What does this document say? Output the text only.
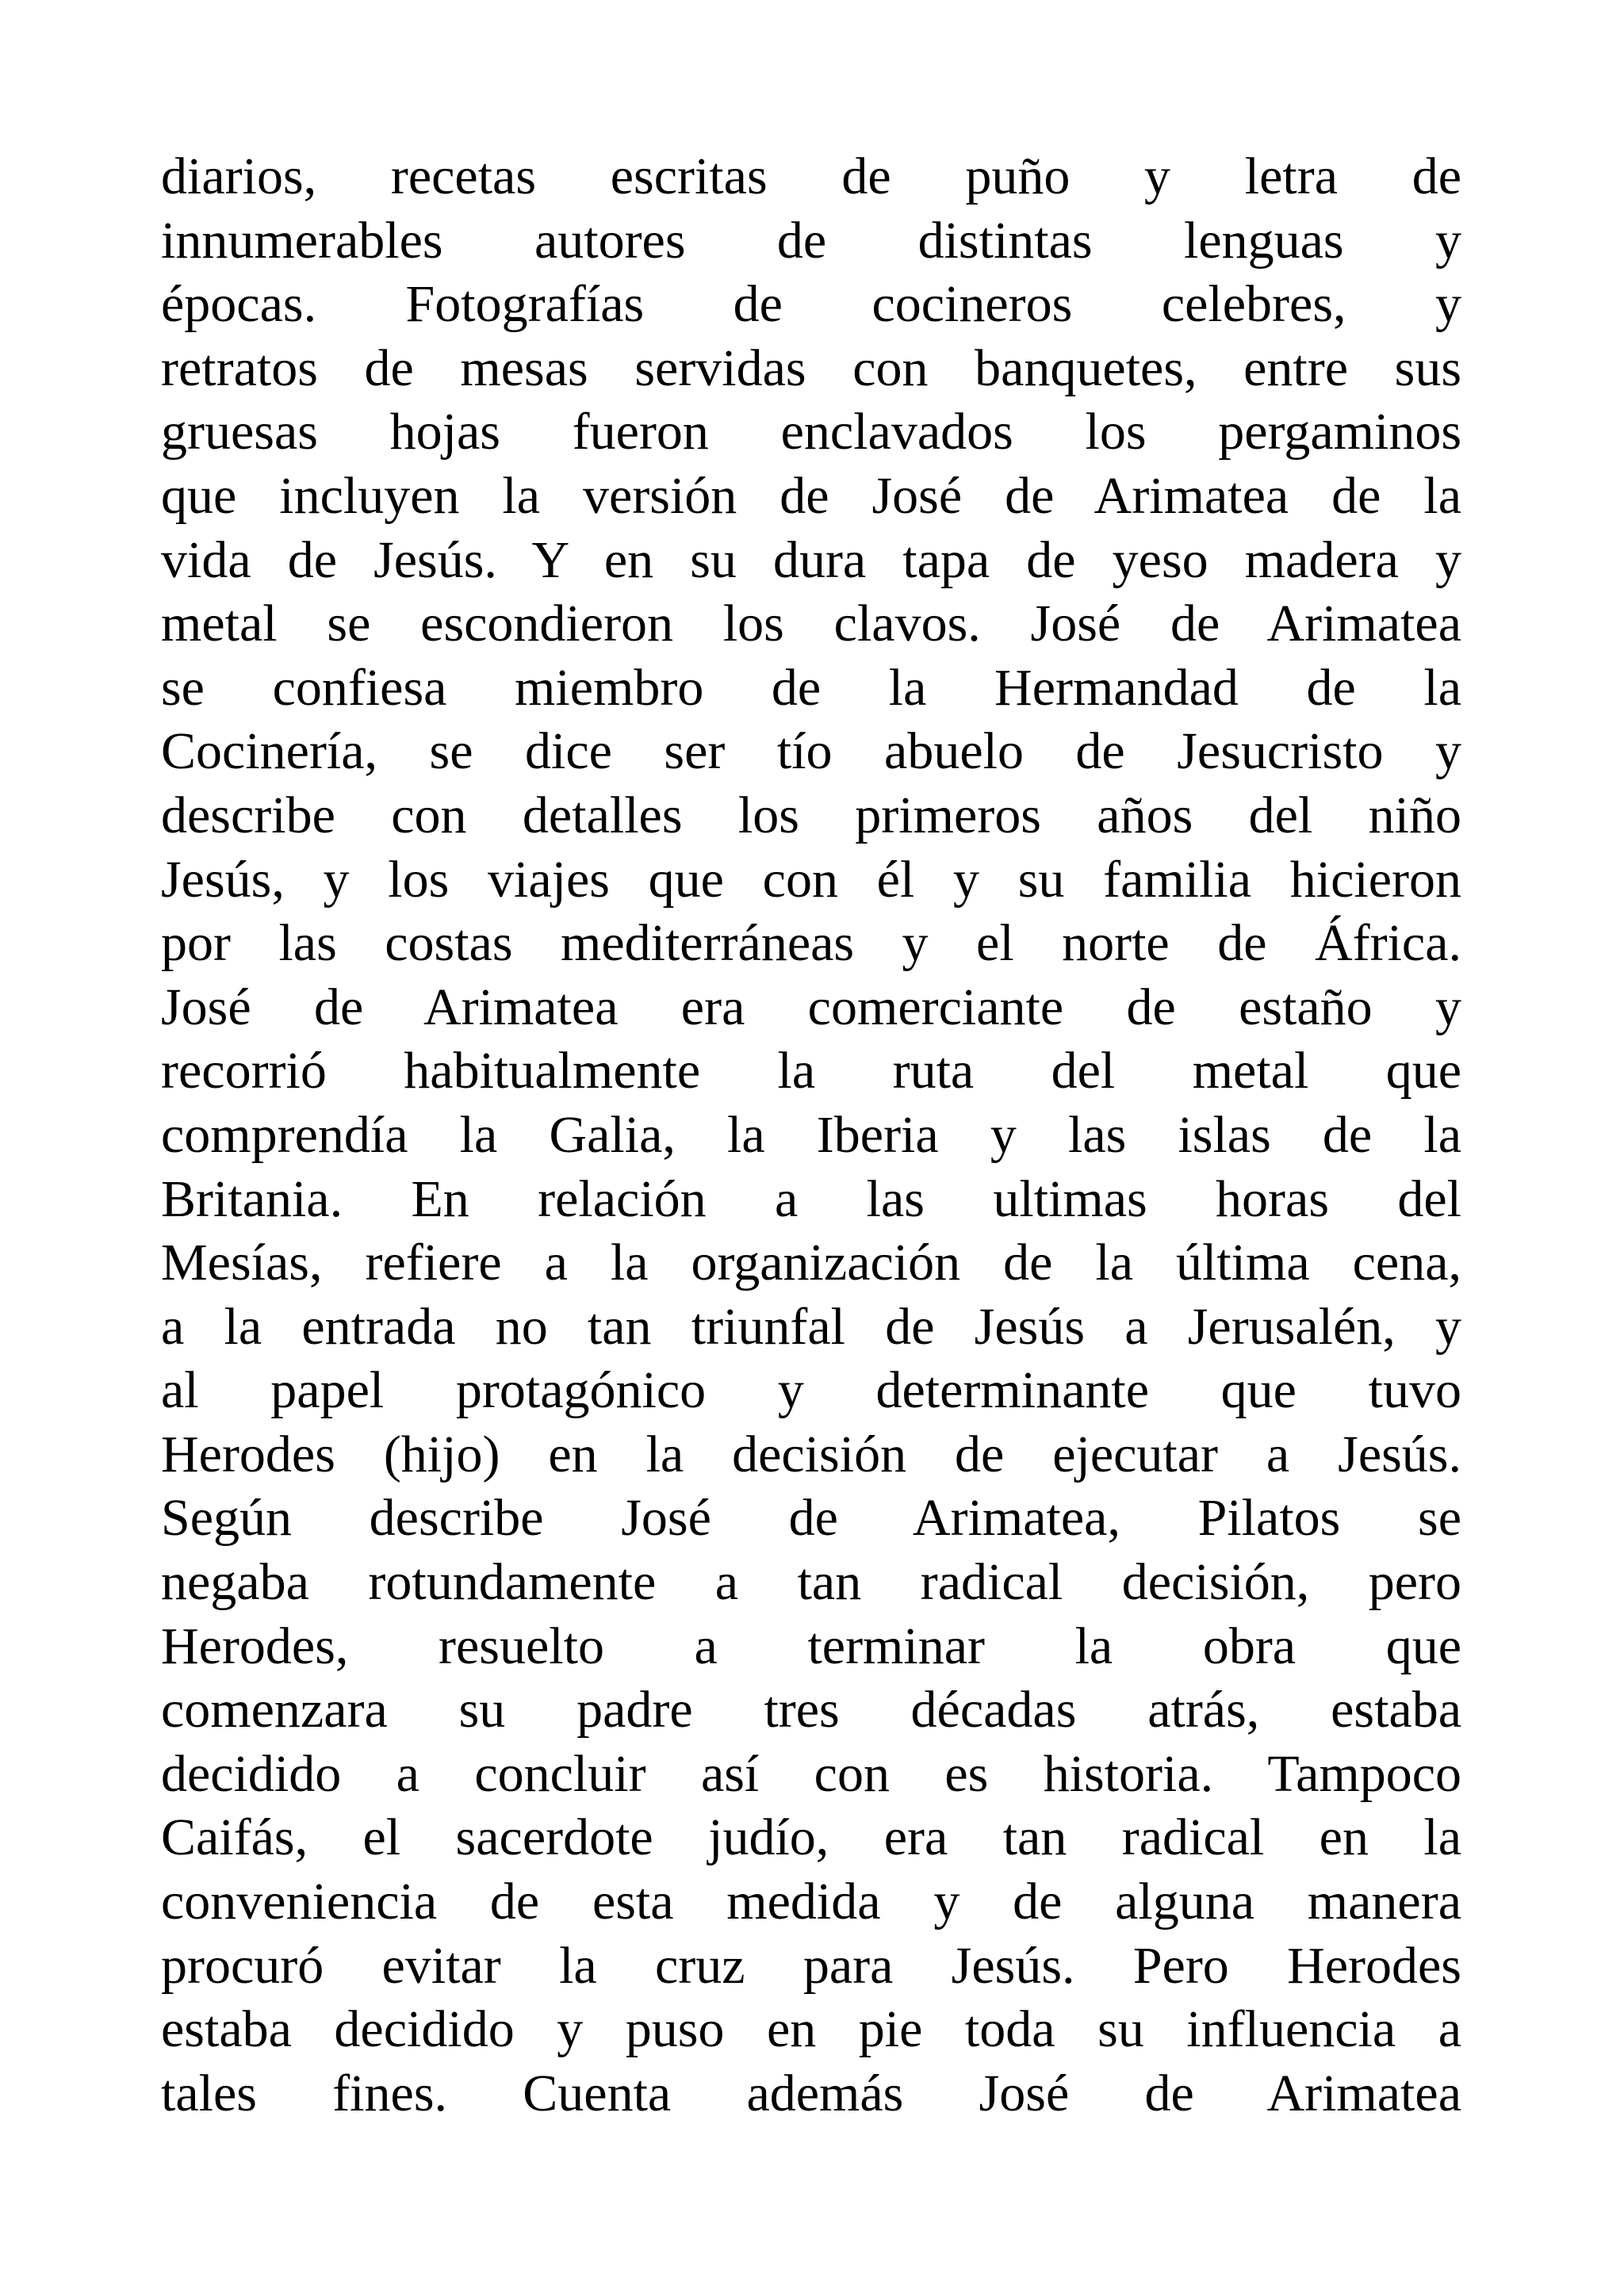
diarios, recetas escritas de puño y letra de
innumerables autores de distintas lenguas y
épocas. Fotografías de cocineros celebres, y
retratos de mesas servidas con banquetes, entre sus
gruesas hojas fueron enclavados los pergaminos
que incluyen la versión de José de Arimatea de la
vida de Jesús. Y en su dura tapa de yeso madera y
metal se escondieron los clavos. José de Arimatea
se confiesa miembro de la Hermandad de la
Cocinería, se dice ser tío abuelo de Jesucristo y
describe con detalles los primeros años del niño
Jesús, y los viajes que con él y su familia hicieron
por las costas mediterráneas y el norte de África.
José de Arimatea era comerciante de estaño y
recorrió habitualmente la ruta del metal que
comprendía la Galia, la Iberia y las islas de la
Britania. En relación a las ultimas horas del
Mesías, refiere a la organización de la última cena,
a la entrada no tan triunfal de Jesús a Jerusalén, y
al papel protagónico y determinante que tuvo
Herodes (hijo) en la decisión de ejecutar a Jesús.
Según describe José de Arimatea, Pilatos se
negaba rotundamente a tan radical decisión, pero
Herodes, resuelto a terminar la obra que
comenzara su padre tres décadas atrás, estaba
decidido a concluir así con es historia. Tampoco
Caifás, el sacerdote judío, era tan radical en la
conveniencia de esta medida y de alguna manera
procuró evitar la cruz para Jesús. Pero Herodes
estaba decidido y puso en pie toda su influencia a
tales fines. Cuenta además José de Arimatea
